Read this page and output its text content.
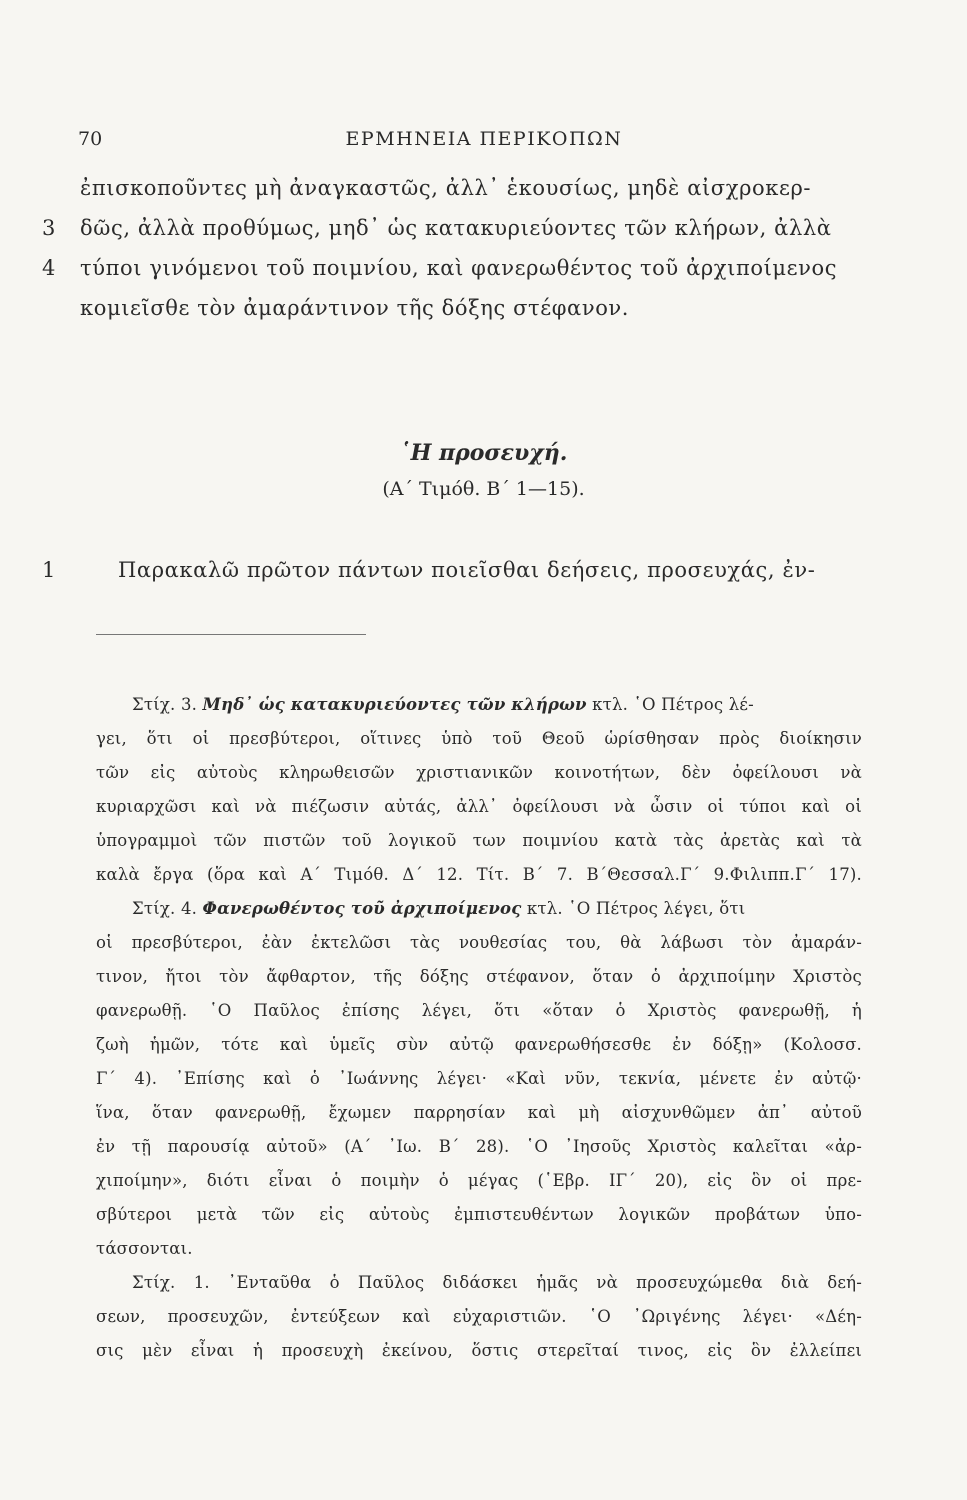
70	ΕΡΜΗΝΕΙΑ ΠΕΡΙΚΟΠΩΝ
ἐπισκοποῦντες μὴ ἀναγκαστῶς, ἀλλ᾽ ἑκουσίως, μηδὲ αἰσχροκερ-
3	δῶς, ἀλλὰ προθύμως, μηδ᾽ ὡς κατακυριεύοντες τῶν κλήρων, ἀλλὰ
4	τύποι γινόμενοι τοῦ ποιμνίου, καὶ φανερωθέντος τοῦ ἀρχιποίμενος
κομιεῖσθε τὸν ἀμαράντινον τῆς δόξης στέφανον.
῾Η προσευχή.
(Α΄ Τιμόθ. Β΄ 1—15).
1	Παρακαλῶ πρῶτον πάντων ποιεῖσθαι δεήσεις, προσευχάς, ἐν-
Στίχ. 3. Μηδ᾽ ὡς κατακυριεύοντες τῶν κλήρων κτλ. ῾Ο Πέτρος λέ-
γει, ὅτι οἱ πρεσβύτεροι, οἵτινες ὑπὸ τοῦ Θεοῦ ὡρίσθησαν πρὸς διοίκησιν
τῶν εἰς αὐτοὺς κληρωθεισῶν χριστιανικῶν κοινοτήτων, δὲν ὀφείλουσι νὰ
κυριαρχῶσι καὶ νὰ πιέζωσιν αὐτάς, ἀλλ᾽ ὀφείλουσι νὰ ὦσιν οἱ τύποι καὶ οἱ
ὑπογραμμοὶ τῶν πιστῶν τοῦ λογικοῦ των ποιμνίου κατὰ τὰς ἀρετὰς καὶ τὰ
καλὰ ἔργα (ὅρα καὶ Α΄ Τιμόθ. Δ΄ 12. Τίτ. Β΄ 7. Β΄Θεσσαλ.Γ΄ 9.Φιλιππ.Γ΄ 17).
Στίχ. 4. Φανερωθέντος τοῦ ἀρχιποίμενος κτλ. ῾Ο Πέτρος λέγει, ὅτι
οἱ πρεσβύτεροι, ἐὰν ἐκτελῶσι τὰς νουθεσίας του, θὰ λάβωσι τὸν ἀμαράν-
τινον, ἤτοι τὸν ἄφθαρτον, τῆς δόξης στέφανον, ὅταν ὁ ἀρχιποίμην Χριστὸς
φανερωθῇ. ῾Ο Παῦλος ἐπίσης λέγει, ὅτι «ὅταν ὁ Χριστὸς φανερωθῇ, ἡ
ζωὴ ἡμῶν, τότε καὶ ὑμεῖς σὺν αὐτῷ φανερωθήσεσθε ἐν δόξῃ» (Κολοσσ.
Γ΄ 4). ᾽Επίσης καὶ ὁ ᾽Ιωάννης λέγει· «Καὶ νῦν, τεκνία, μένετε ἐν αὐτῷ·
ἵνα, ὅταν φανερωθῇ, ἔχωμεν παρρησίαν καὶ μὴ αἰσχυνθῶμεν ἀπ᾽ αὐτοῦ
ἐν τῇ παρουσίᾳ αὐτοῦ» (Α΄ ᾽Ιω. Β΄ 28). ῾Ο ᾽Ιησοῦς Χριστὸς καλεῖται «ἀρ-
χιποίμην», διότι εἶναι ὁ ποιμὴν ὁ μέγας (῾Εβρ. ΙΓ΄ 20), εἰς ὃν οἱ πρε-
σβύτεροι μετὰ τῶν εἰς αὐτοὺς ἐμπιστευθέντων λογικῶν προβάτων ὑπο-
τάσσονται.
Στίχ. 1. ᾽Ενταῦθα ὁ Παῦλος διδάσκει ἡμᾶς νὰ προσευχώμεθα διὰ δεή-
σεων, προσευχῶν, ἐντεύξεων καὶ εὐχαριστιῶν. ῾Ο ᾽Ωριγένης λέγει· «Δέη-
σις μὲν εἶναι ἡ προσευχὴ ἐκείνου, ὅστις στερεῖταί τινος, εἰς ὃν ἐλλείπει
